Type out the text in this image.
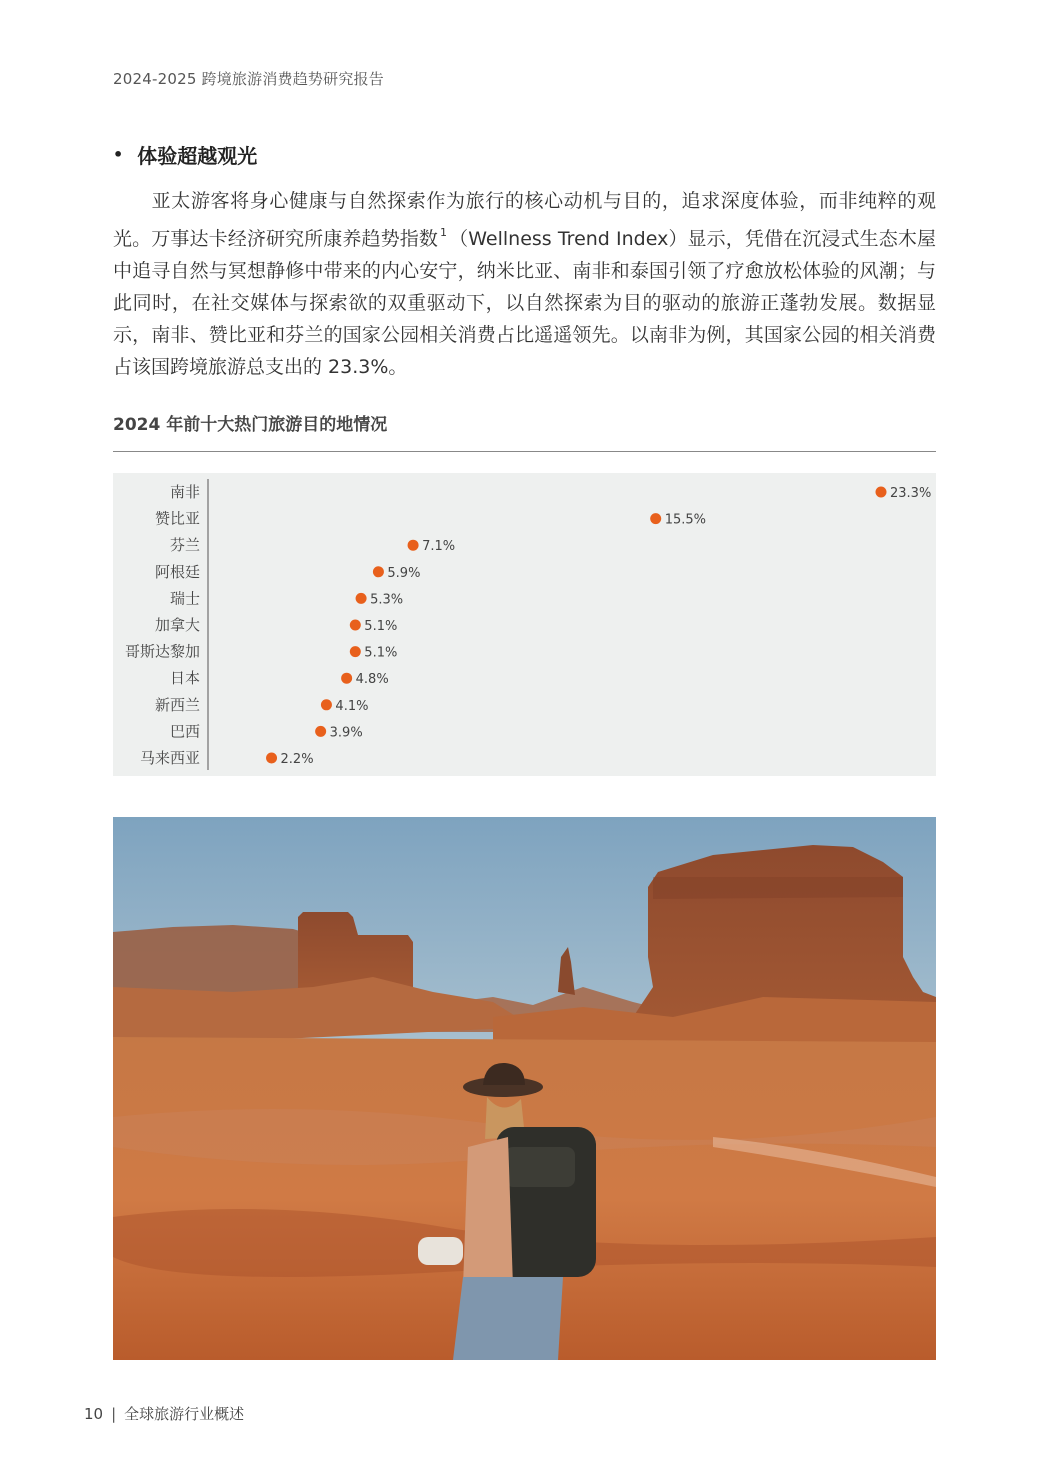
2024-2025 跨境旅游消费趋势研究报告
• 体验超越观光

亚太游客将身心健康与自然探索作为旅行的核心动机与目的，追求深度体验，而非纯粹的观光。万事达卡经济研究所康养趋势指数 $^1$ （Wellness Trend Index）显示，凭借在沉浸式生态木屋中追寻自然与冥想静修中带来的内心安宁，纳米比亚、南非和泰国引领了疗愈放松体验的风潮；与此同时，在社交媒体与探索欲的双重驱动下，以自然探索为目的驱动的旅游正蓬勃发展。数据显示，南非、赞比亚和芬兰的国家公园相关消费占比遥遥领先。以南非为例，其国家公园的相关消费占该国跨境旅游总支出的 23.3%。

2024 年前十大热门旅游目的地情况
南非	23.3%
赞比亚	15.5%
芬兰	7.1%
阿根廷	5.9%
瑞士	5.3%
加拿大	5.1%
哥斯达黎加	5.1%
日本	4.8%
新西兰	4.1%
巴西	3.9%
马来西亚	2.2%
10 | 全球旅游行业概述
